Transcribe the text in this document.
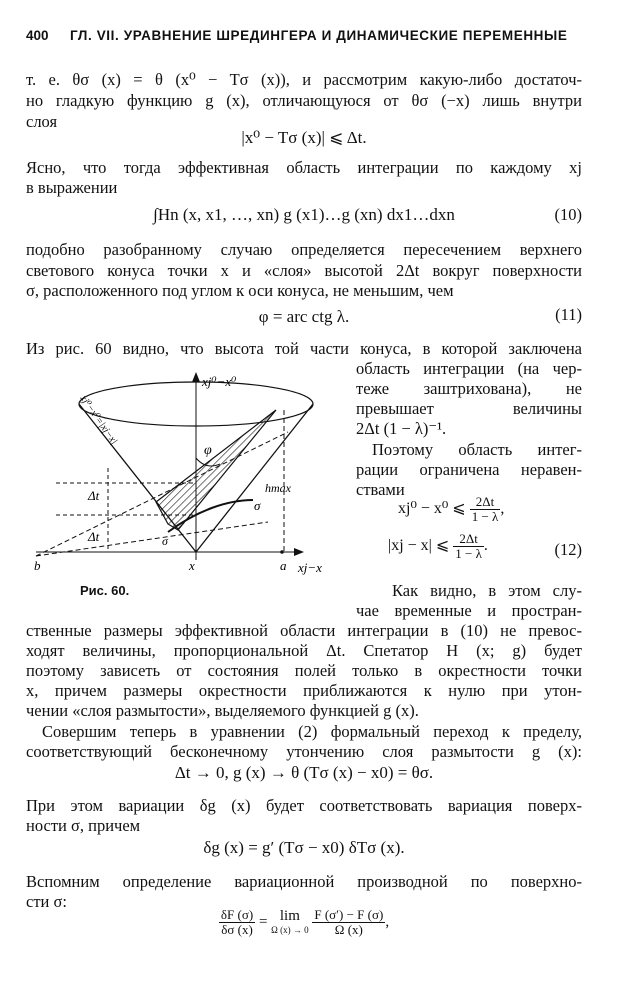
400 ГЛ. VII. УРАВНЕНИЕ ШРЕДИНГЕРА И ДИНАМИЧЕСКИЕ ПЕРЕМЕННЫЕ
т. е. θσ (x) = θ (x⁰ − Tσ (x)), и рассмотрим какую-либо достаточ-
но гладкую функцию g (x), отличающуюся от θσ (−x) лишь внутри
слоя
|x⁰ − Tσ (x)| ⩽ Δt.
Ясно, что тогда эффективная область интеграции по каждому xj
в выражении
∫Hn (x, x1, …, xn) g (x1)…g (xn) dx1…dxn	(10)
подобно разобранному случаю определяется пересечением верхнего
светового конуса точки x и «слоя» высотой 2Δt вокруг поверхности
σ, расположенного под углом к оси конуса, не меньшим, чем
φ = arc ctg λ.	(11)
Из рис. 60 видно, что высота той части конуса, в которой заключена
область интеграции (на чер-
теже заштрихована), не
превышает величины
2Δt (1 − λ)⁻¹.
Поэтому область интег-
рации ограничена неравен-
ствами
xj⁰ − x⁰ ⩽ $\frac{2\Delta t}{1 - \lambda}$ ,
|xj − x| ⩽ $\frac{2\Delta t}{1 - \lambda}$ .	(12)
xj⁰−x⁰
xj−x
φ
hmax
Δt
Δt
σ
σ
x	a
b
xj⁰−x⁰=|xj−x|
Рис. 60.	Как видно, в этом слу-
чае временные и простран-
ственные размеры эффективной области интеграции в (10) не превос-
ходят величины, пропорциональной Δt. Спетатор H (x; g) будет
поэтому зависеть от состояния полей только в окрестности точки
x, причем размеры окрестности приближаются к нулю при утон-
чении «слоя размытости», выделяемого функцией g (x).
Совершим теперь в уравнении (2) формальный переход к пределу,
соответствующий бесконечному утончению слоя размытости g (x):
Δt → 0, g (x) → θ (Tσ (x) − x0) = θσ.
При этом вариации δg (x) будет соответствовать вариация поверх-
ности σ, причем
δg (x) = g′ (Tσ − x0) δTσ (x).
Вспомним определение вариационной производной по поверхно-
сти σ:
$\frac{\delta F (\sigma)}{\delta\sigma (x)} = \lim$
Ω (x) → 0
$\frac{F (\sigma') - F (\sigma)}{\Omega (x)}$ ,
